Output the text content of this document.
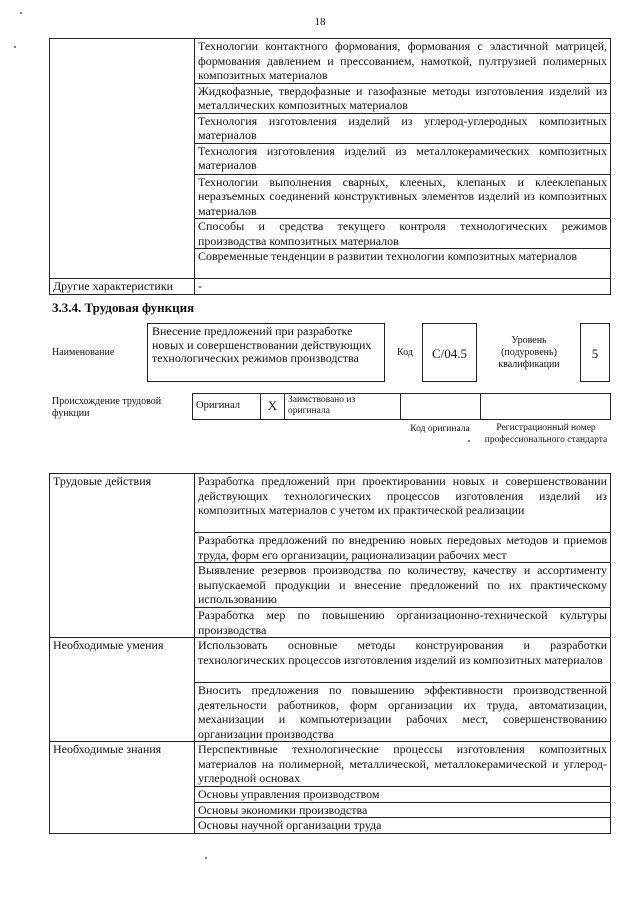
18
	Технологии контактного формования, формования с эластичной матрицей, формования давлением и прессованием, намоткой, пултрузией полимерных композитных материалов
	Жидкофазные, твердофазные и газофазные методы изготовления изделий из металлических композитных материалов
	Технология изготовления изделий из углерод-углеродных композитных материалов
	Технология изготовления изделий из металлокерамических композитных материалов
	Технологии выполнения сварных, клееных, клепаных и клееклепаных неразъемных соединений конструктивных элементов изделий из композитных материалов
	Способы и средства текущего контроля технологических режимов производства композитных материалов
	Современные тенденции в развитии технологии композитных материалов
Другие характеристики	-
3.3.4. Трудовая функция
Наименование
Внесение предложений при разработке новых и совершенствовании действующих технологических режимов производства	Код	C/04.5
Уровень (подуровень) квалификации
5
Происхождение трудовой функции
Оригинал	X	Заимствовано из оригинала		
Код оригинала	Регистрационный номер профессионального стандарта
Трудовые действия	Разработка предложений при проектировании новых и совершенствовании действующих технологических процессов изготовления изделий из композитных материалов с учетом их практической реализации
	Разработка предложений по внедрению новых передовых методов и приемов труда, форм его организации, рационализации рабочих мест
	Выявление резервов производства по количеству, качеству и ассортименту выпускаемой продукции и внесение предложений по их практическому использованию
	Разработка мер по повышению организационно-технической культуры производства
Необходимые умения	Использовать основные методы конструирования и разработки технологических процессов изготовления изделий из композитных материалов
	Вносить предложения по повышению эффективности производственной деятельности работников, форм организации их труда, автоматизации, механизации и компьютеризации рабочих мест, совершенствованию организации производства
Необходимые знания	Перспективные технологические процессы изготовления композитных материалов на полимерной, металлической, металлокерамической и углерод-углеродной основах
	Основы управления производством
	Основы экономики производства
	Основы научной организации труда
